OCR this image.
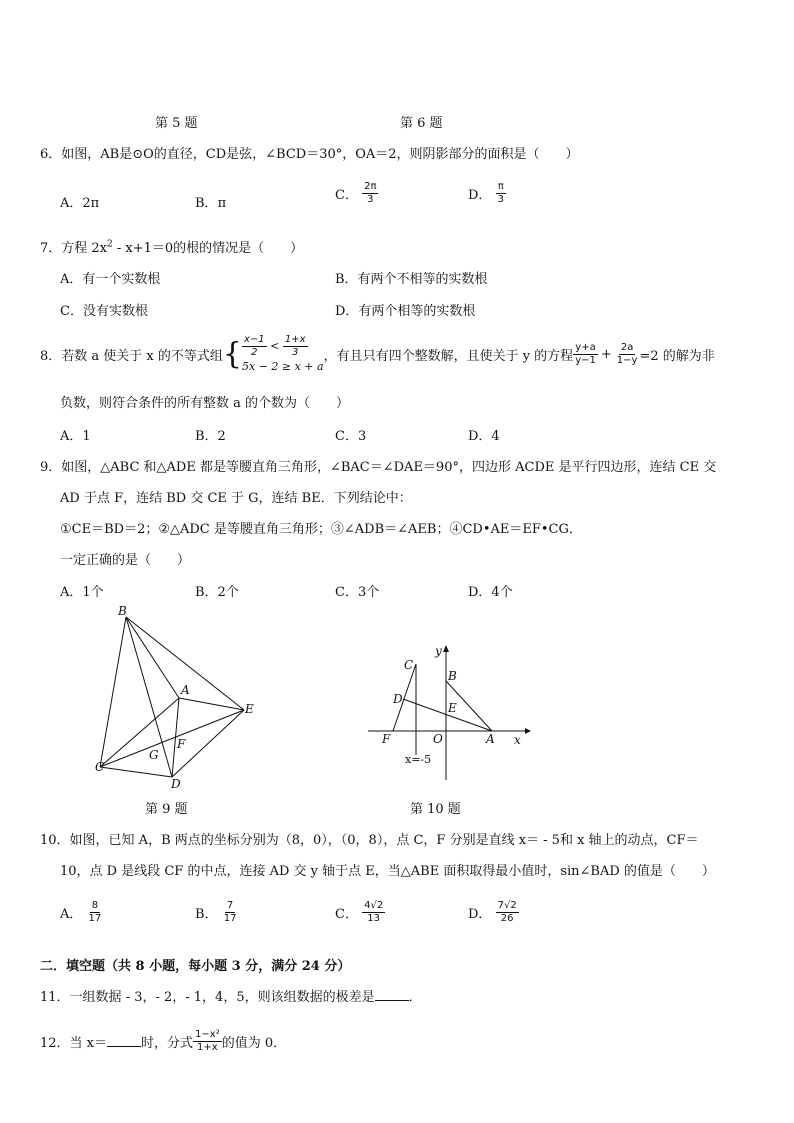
第 5 题	第 6 题
6．如图，AB是⊙O的直径，CD是弦，∠BCD＝30°，OA＝2，则阴影部分的面积是（　　）
A．2π	B．π
C． $\frac{2\pi}{3}$	D． $\frac{\pi}{3}$
7．方程 $2x^2 - x+1=0$的根的情况是（　　）
A．有一个实数根	B．有两个不相等的实数根
C．没有实数根	D．有两个相等的实数根
8．若数 a 使关于 x 的不等式组{ $\frac{x-1}{2} < \frac{1+x}{3}$
5x − 2 ≥ x + a
，有且只有四个整数解，且使关于 y 的方程 $\frac{y+a}{y-1} + \frac{2a}{1-y} =2$ 的解为非
负数，则符合条件的所有整数 a 的个数为（　　）
A．1	B．2	C．3	D．4
9．如图，△ABC 和△ADE 都是等腰直角三角形，∠BAC＝∠DAE＝90°，四边形 ACDE 是平行四边形，连结 CE 交
AD 于点 F，连结 BD 交 CE 于 G，连结 BE．下列结论中：
①CE＝BD＝2；②△ADC 是等腰直角三角形；③∠ADB＝∠AEB；④CD•AE＝EF•CG．
一定正确的是（　　）
A．1个	B．2个	C．3个	D．4个
B
A
E
F
G
C
D
y
C
B
D
E
F	O	A x
x=-5
第 9 题	第 10 题
10．如图，已知 A，B 两点的坐标分别为（8，0），（0，8），点 C，F 分别是直线 x＝ - 5和 x 轴上的动点，CF＝
10，点 D 是线段 CF 的中点，连接 AD 交 y 轴于点 E，当△ABE 面积取得最小值时，sin∠BAD 的值是（　　）
A． $\frac{8}{17}$	B． $\frac{7}{17}$	C． $\frac{4√2}{13}$	D． $\frac{7√2}{26}$
二．填空题（共 8 小题，每小题 3 分，满分 24 分）
11．一组数据 - 3，- 2，- 1，4，5，则该组数据的极差是	．
12．当 x＝	时，分式 $\frac{\text{1−x²}}{1+x}$ 的值为 0．
